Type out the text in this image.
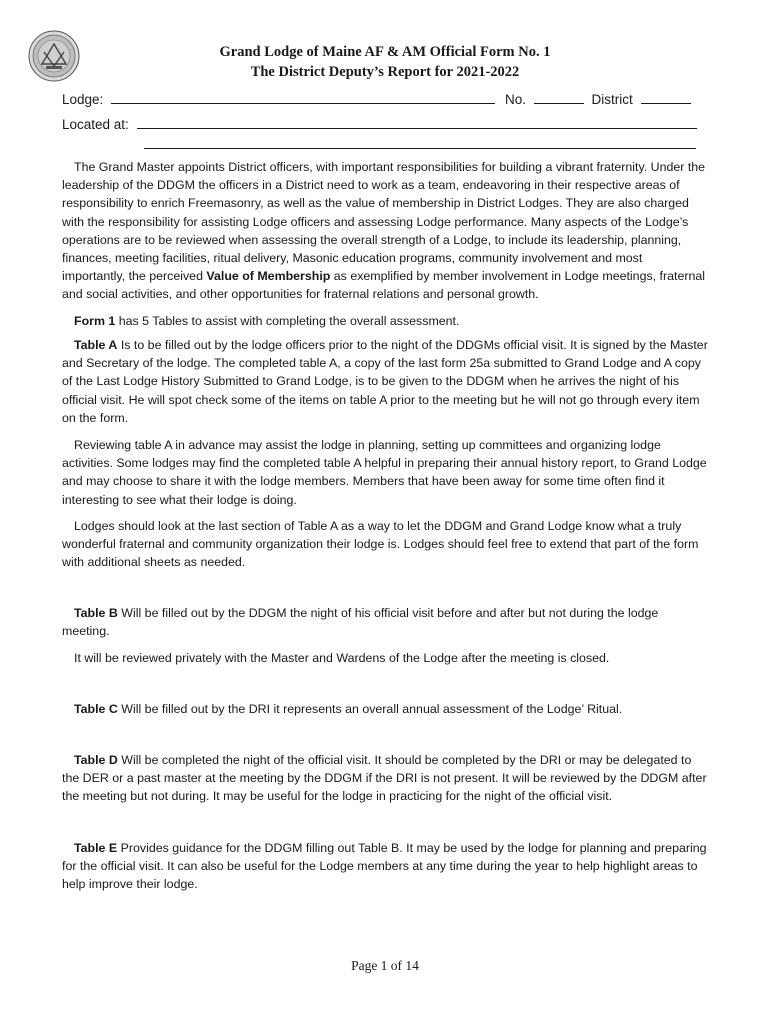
Grand Lodge of Maine AF & AM Official Form No. 1
The District Deputy’s Report for 2021-2022
Lodge:	No.	District
Located at:

The Grand Master appoints District officers, with important responsibilities for building a vibrant fraternity. Under the leadership of the DDGM the officers in a District need to work as a team, endeavoring in their respective areas of responsibility to enrich Freemasonry, as well as the value of membership in District Lodges. They are also charged with the responsibility for assisting Lodge officers and assessing Lodge performance. Many aspects of the Lodge’s operations are to be reviewed when assessing the overall strength of a Lodge, to include its leadership, planning, finances, meeting facilities, ritual delivery, Masonic education programs, community involvement and most importantly, the perceived Value of Membership as exemplified by member involvement in Lodge meetings, fraternal and social activities, and other opportunities for fraternal relations and personal growth.

Form 1 has 5 Tables to assist with completing the overall assessment.

Table A Is to be filled out by the lodge officers prior to the night of the DDGMs official visit. It is signed by the Master and Secretary of the lodge. The completed table A, a copy of the last form 25a submitted to Grand Lodge and A copy of the Last Lodge History Submitted to Grand Lodge, is to be given to the DDGM when he arrives the night of his official visit. He will spot check some of the items on table A prior to the meeting but he will not go through every item on the form.

Reviewing table A in advance may assist the lodge in planning, setting up committees and organizing lodge activities. Some lodges may find the completed table A helpful in preparing their annual history report, to Grand Lodge and may choose to share it with the lodge members. Members that have been away for some time often find it interesting to see what their lodge is doing.

Lodges should look at the last section of Table A as a way to let the DDGM and Grand Lodge know what a truly wonderful fraternal and community organization their lodge is. Lodges should feel free to extend that part of the form with additional sheets as needed.

Table B Will be filled out by the DDGM the night of his official visit before and after but not during the lodge meeting.

It will be reviewed privately with the Master and Wardens of the Lodge after the meeting is closed.

Table C Will be filled out by the DRI it represents an overall annual assessment of the Lodge’ Ritual.

Table D Will be completed the night of the official visit. It should be completed by the DRI or may be delegated to the DER or a past master at the meeting by the DDGM if the DRI is not present. It will be reviewed by the DDGM after the meeting but not during. It may be useful for the lodge in practicing for the night of the official visit.

Table E Provides guidance for the DDGM filling out Table B. It may be used by the lodge for planning and preparing for the official visit. It can also be useful for the Lodge members at any time during the year to help highlight areas to help improve their lodge.

Page 1 of 14
